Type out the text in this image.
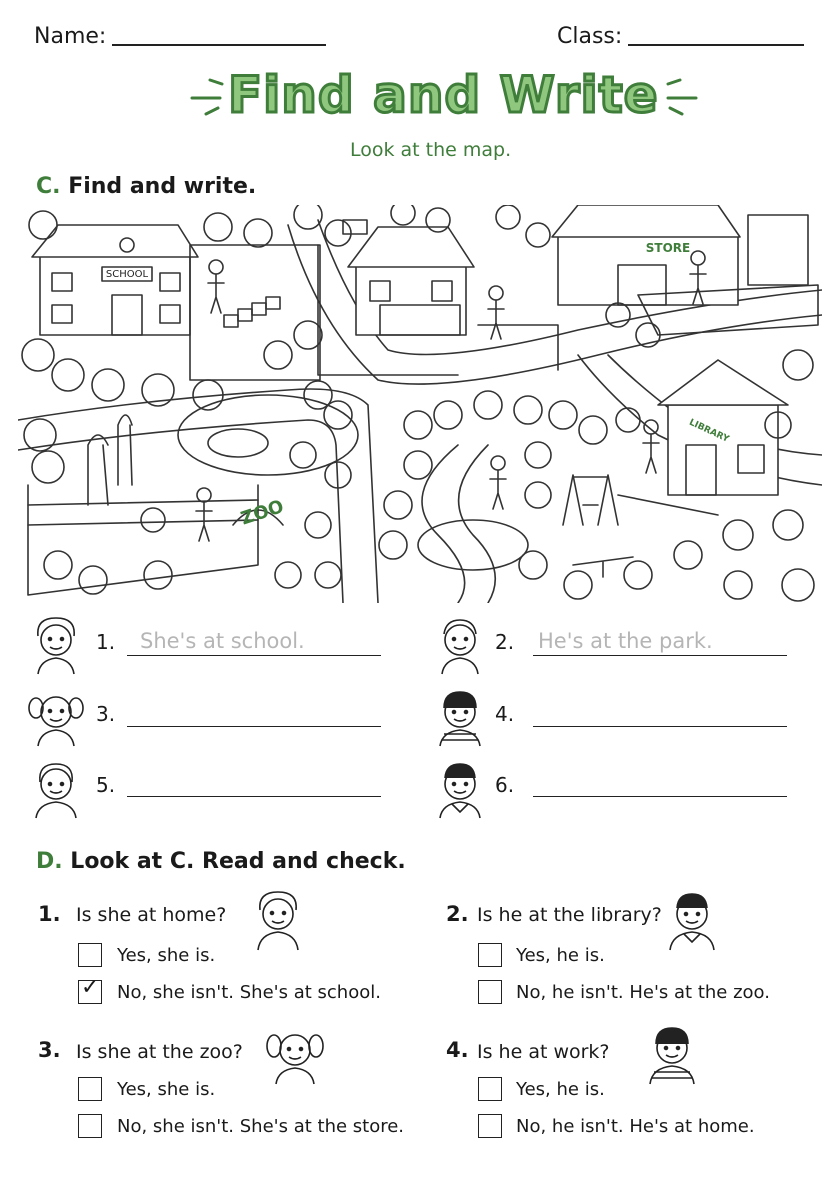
Name:	Class:
Find and Write
Look at the map.
C. Find and write.
SCHOOL
STORE
LIBRARY
ZOO
1. She's at school.	2. He's at the park.
3.	4.
5.	6.
D. Look at C. Read and check.
1. Is she at home?
Yes, she is.
✓ No, she isn't. She's at school.
2. Is he at the library?
Yes, he is.
No, he isn't. He's at the zoo.
3. Is she at the zoo?
Yes, she is.
No, she isn't. She's at the store.
4. Is he at work?
Yes, he is.
No, he isn't. He's at home.
